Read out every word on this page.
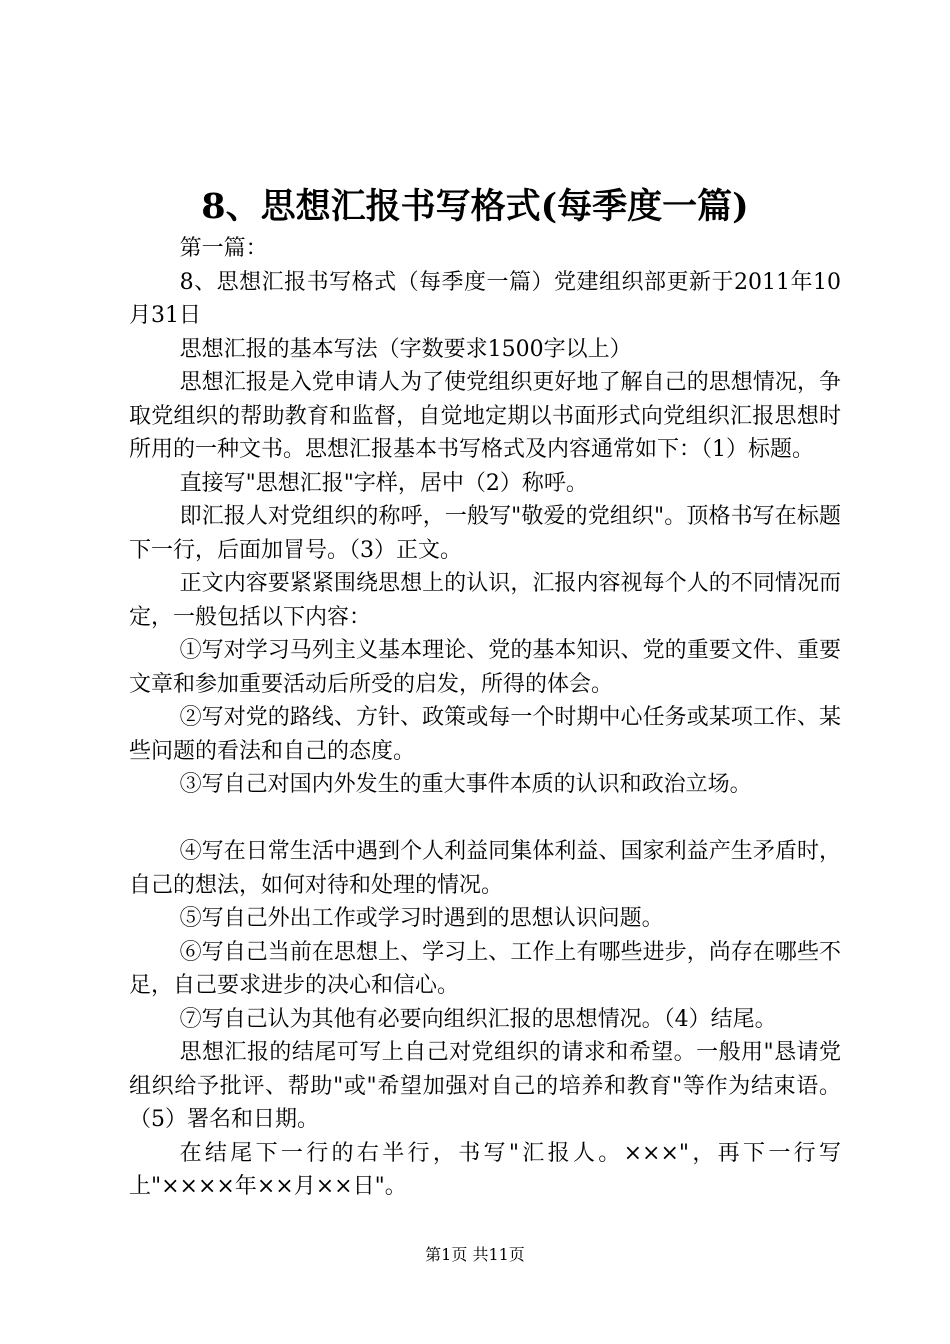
8、思想汇报书写格式(每季度一篇)

第一篇：

8、思想汇报书写格式（每季度一篇）党建组织部更新于2011年10月31日

思想汇报的基本写法（字数要求1500字以上）

思想汇报是入党申请人为了使党组织更好地了解自己的思想情况，争取党组织的帮助教育和监督，自觉地定期以书面形式向党组织汇报思想时所用的一种文书。思想汇报基本书写格式及内容通常如下：（1）标题。

直接写"思想汇报"字样，居中（2）称呼。

即汇报人对党组织的称呼，一般写"敬爱的党组织"。顶格书写在标题下一行，后面加冒号。（3）正文。

正文内容要紧紧围绕思想上的认识，汇报内容视每个人的不同情况而定，一般包括以下内容：

①写对学习马列主义基本理论、党的基本知识、党的重要文件、重要文章和参加重要活动后所受的启发，所得的体会。

②写对党的路线、方针、政策或每一个时期中心任务或某项工作、某些问题的看法和自己的态度。

③写自己对国内外发生的重大事件本质的认识和政治立场。

④写在日常生活中遇到个人利益同集体利益、国家利益产生矛盾时，自己的想法，如何对待和处理的情况。

⑤写自己外出工作或学习时遇到的思想认识问题。

⑥写自己当前在思想上、学习上、工作上有哪些进步，尚存在哪些不足，自己要求进步的决心和信心。

⑦写自己认为其他有必要向组织汇报的思想情况。（4）结尾。

思想汇报的结尾可写上自己对党组织的请求和希望。一般用"恳请党组织给予批评、帮助"或"希望加强对自己的培养和教育"等作为结束语。（5）署名和日期。

在结尾下一行的右半行，书写"汇报人。×××"，再下一行写上"××××年××月××日"。

第1页 共11页
